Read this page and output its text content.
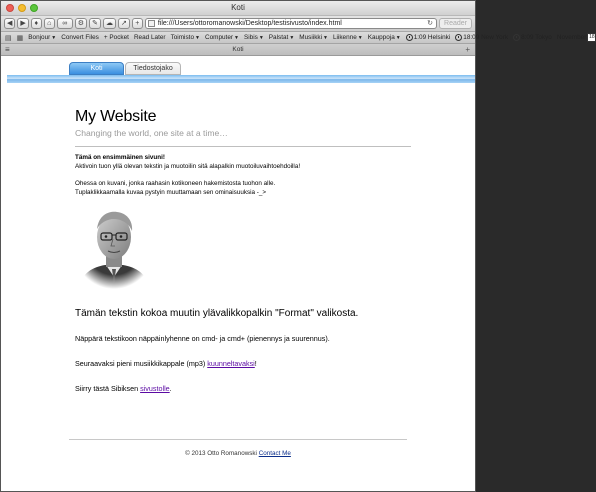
Koti
◀	▶	♦	⌂	∞	⚙	✎	☁	↗	+	file:///Users/ottoromanowski/Desktop/testisivusto/index.html	↻	Reader
▤ ▦ Bonjour ▼ Convert Files + Pocket Read Later Toimisto ▼ Computer ▼ Sibis ▼ Palstat ▼ Musiikki ▼ Liikenne ▼ Kauppoja ▼ 1:09 Helsinki 18:09 New York 8:09 Tokyo November 18
≡	Koti	+
Koti	Tiedostojako
My Website
Changing the world, one site at a time…
Tämä on ensimmäinen sivuni!
Aktivoin tuon yllä olevan tekstin ja muotoilin sitä alapalkin muotoiluvaihtoehdoilla!
Ohessa on kuvani, jonka raahasin kotikoneen hakemistosta tuohon alle.
Tuplaklikkaamalla kuvaa pystyin muuttamaan sen ominaisuuksia -_>
Tämän tekstin kokoa muutin ylävalikkopalkin "Format" valikosta.
Näppärä tekstikoon näppäinlyhenne on cmd- ja cmd+ (pienennys ja suurennus).
Seuraavaksi pieni musiikkikappale (mp3) kuunneltavaksi!
Siirry tästä Sibiksen sivustolle.
© 2013 Otto Romanowski Contact Me
